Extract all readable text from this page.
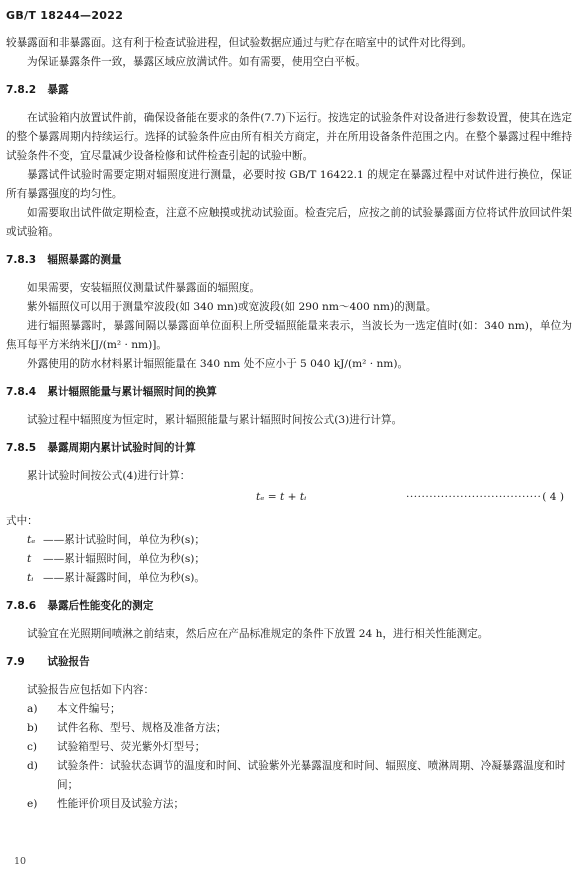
GB/T 18244—2022

较暴露面和非暴露面。这有利于检查试验进程，但试验数据应通过与贮存在暗室中的试件对比得到。

为保证暴露条件一致，暴露区域应放满试件。如有需要，使用空白平板。

7.8.2 暴露

在试验箱内放置试件前，确保设备能在要求的条件(7.7)下运行。按选定的试验条件对设备进行参数设置，使其在选定的整个暴露周期内持续运行。选择的试验条件应由所有相关方商定，并在所用设备条件范围之内。在整个暴露过程中维持试验条件不变，宜尽量减少设备检修和试件检查引起的试验中断。

暴露试件试验时需要定期对辐照度进行测量，必要时按 GB/T 16422.1 的规定在暴露过程中对试件进行换位，保证所有暴露强度的均匀性。

如需要取出试件做定期检查，注意不应触摸或扰动试验面。检查完后，应按之前的试验暴露面方位将试件放回试件架或试验箱。

7.8.3 辐照暴露的测量

如果需要，安装辐照仪测量试件暴露面的辐照度。

紫外辐照仪可以用于测量窄波段(如 340 mn)或宽波段(如 290 nm～400 nm)的测量。

进行辐照暴露时，暴露间隔以暴露面单位面积上所受辐照能量来表示，当波长为一选定值时(如：340 nm)，单位为焦耳每平方米纳米[J/(m² · nm)]。

外露使用的防水材料累计辐照能量在 340 nm 处不应小于 5 040 kJ/(m² · nm)。

7.8.4 累计辐照能量与累计辐照时间的换算

试验过程中辐照度为恒定时，累计辐照能量与累计辐照时间按公式(3)进行计算。

7.8.5 暴露周期内累计试验时间的计算

累计试验时间按公式(4)进行计算：

tₑ = t + tᵢ	··································· ( 4 )

式中：

tₑ ——累计试验时间，单位为秒(s)；
t ——累计辐照时间，单位为秒(s)；
tᵢ ——累计凝露时间，单位为秒(s)。
7.8.6 暴露后性能变化的测定

试验宜在光照期间喷淋之前结束，然后应在产品标准规定的条件下放置 24 h，进行相关性能测定。

7.9 试验报告

试验报告应包括如下内容：

a) 本文件编号；
b) 试件名称、型号、规格及准备方法；
c) 试验箱型号、荧光紫外灯型号；
d) 试验条件：试验状态调节的温度和时间、试验紫外光暴露温度和时间、辐照度、喷淋周期、冷凝暴露温度和时间；
e) 性能评价项目及试验方法；
10
